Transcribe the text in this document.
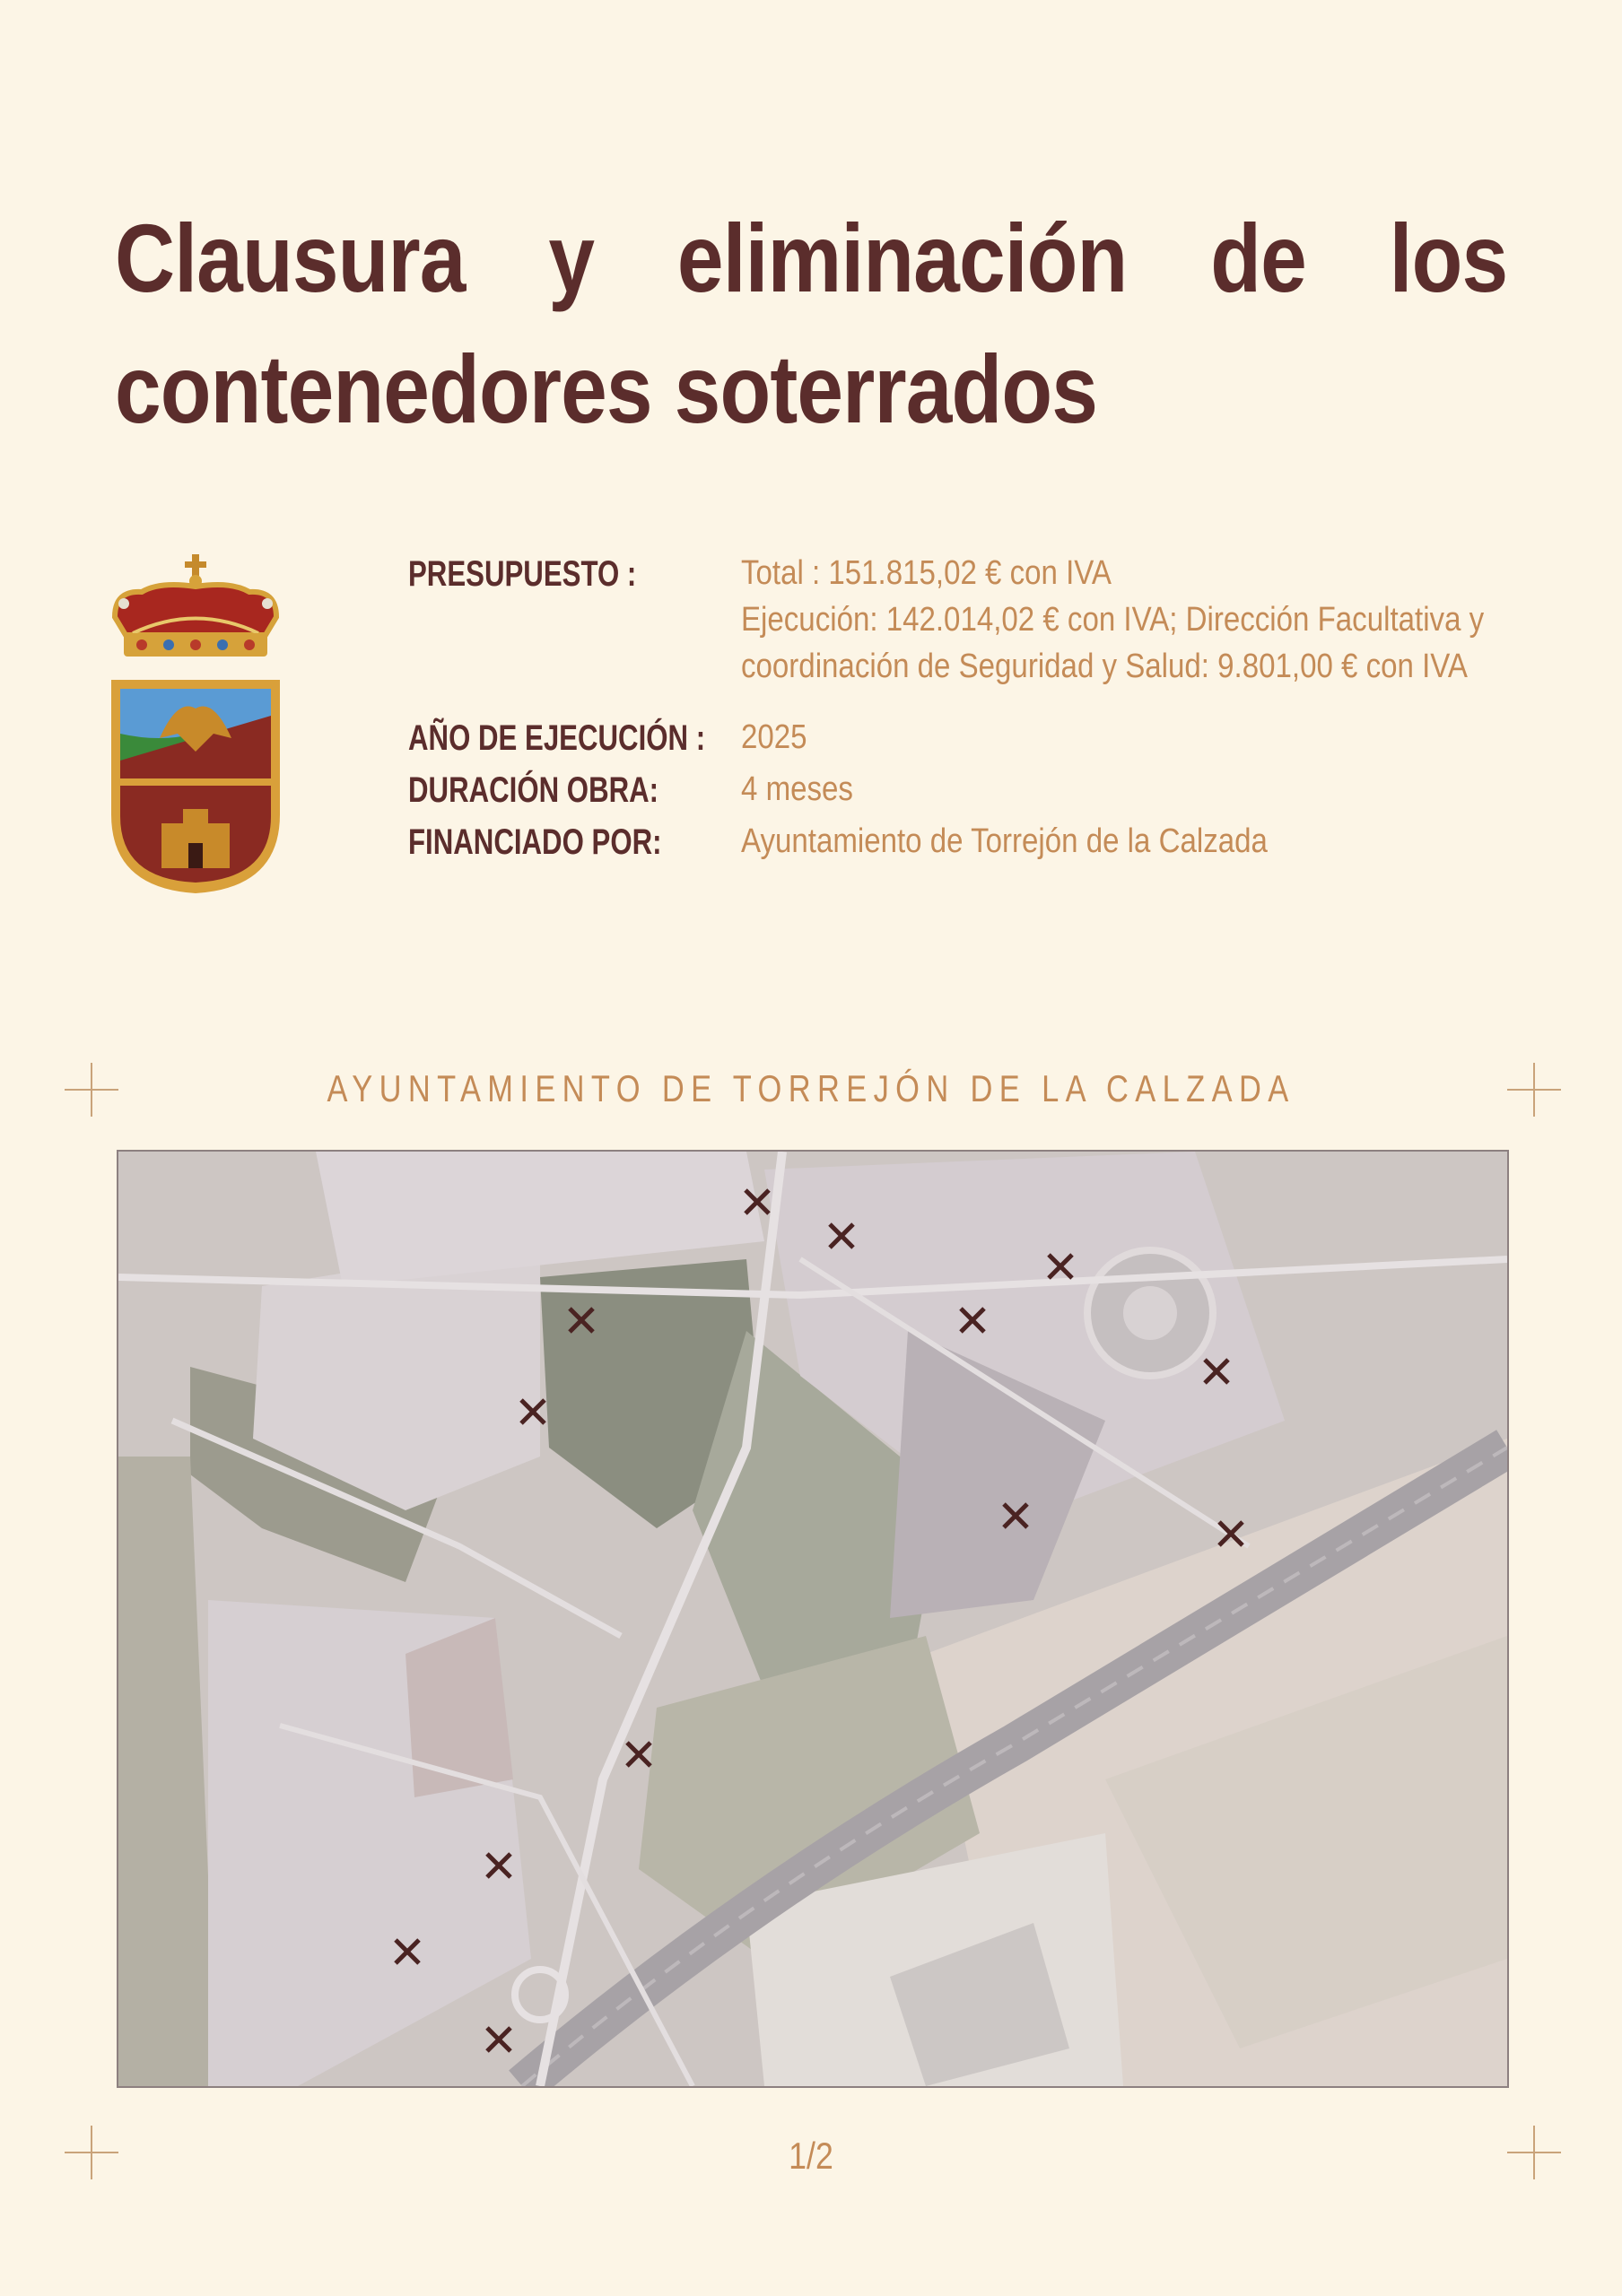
Clausura y eliminación de los
contenedores soterrados
PRESUPUESTO :
AÑO DE EJECUCIÓN :
DURACIÓN OBRA:
FINANCIADO POR:
Total : 151.815,02 € con IVA
Ejecución: 142.014,02 € con IVA; Dirección Facultativa y
coordinación de Seguridad y Salud: 9.801,00 € con IVA
2025
4 meses
Ayuntamiento de Torrejón de la Calzada
AYUNTAMIENTO DE TORREJÓN DE LA CALZADA
1/2
